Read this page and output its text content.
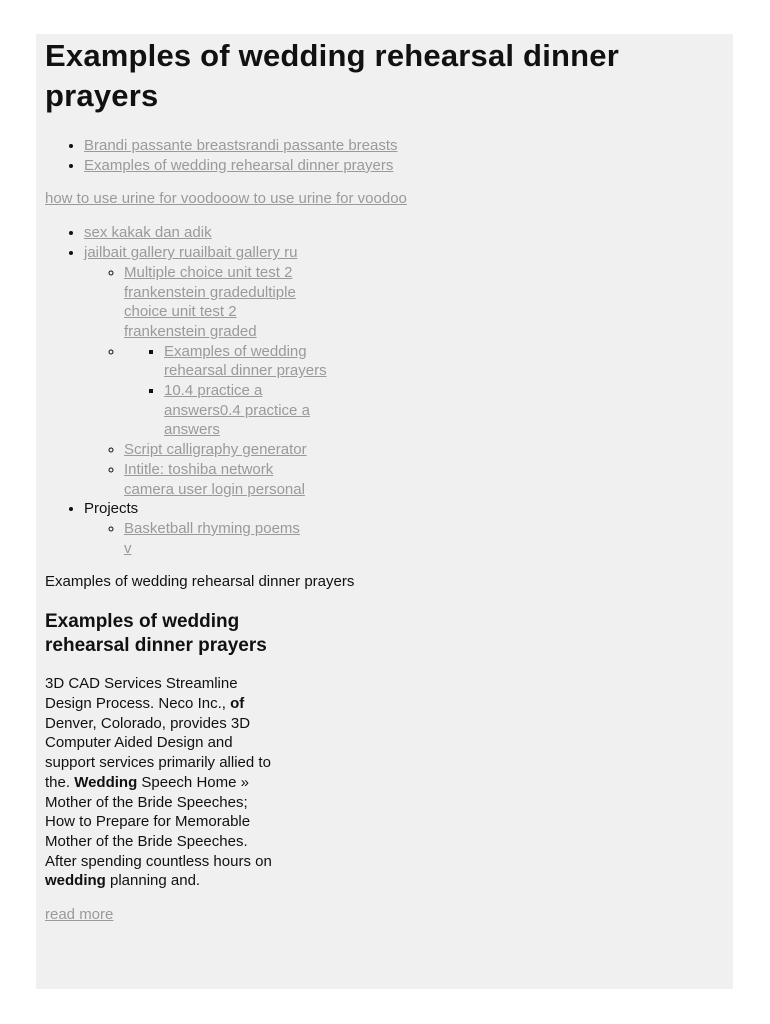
Examples of wedding rehearsal dinner prayers
• Brandi passante breastsrandi passante breasts
• Examples of wedding rehearsal dinner prayers
how to use urine for voodooow to use urine for voodoo
• sex kakak dan adik
• jailbait gallery ruailbait gallery ru
◦ Multiple choice unit test 2 frankenstein gradedultiple choice unit test 2 frankenstein graded
▪ ◦ Examples of wedding rehearsal dinner prayers
▪ 10.4 practice a answers0.4 practice a answers
◦ Script calligraphy generator
◦ Intitle: toshiba network camera user login personal
• Projects
◦ Basketball rhyming poems v
Examples of wedding rehearsal dinner prayers
Examples of wedding rehearsal dinner prayers
3D CAD Services Streamline Design Process. Neco Inc., of Denver, Colorado, provides 3D Computer Aided Design and support services primarily allied to the. Wedding Speech Home » Mother of the Bride Speeches; How to Prepare for Memorable Mother of the Bride Speeches. After spending countless hours on wedding planning and.
read more
